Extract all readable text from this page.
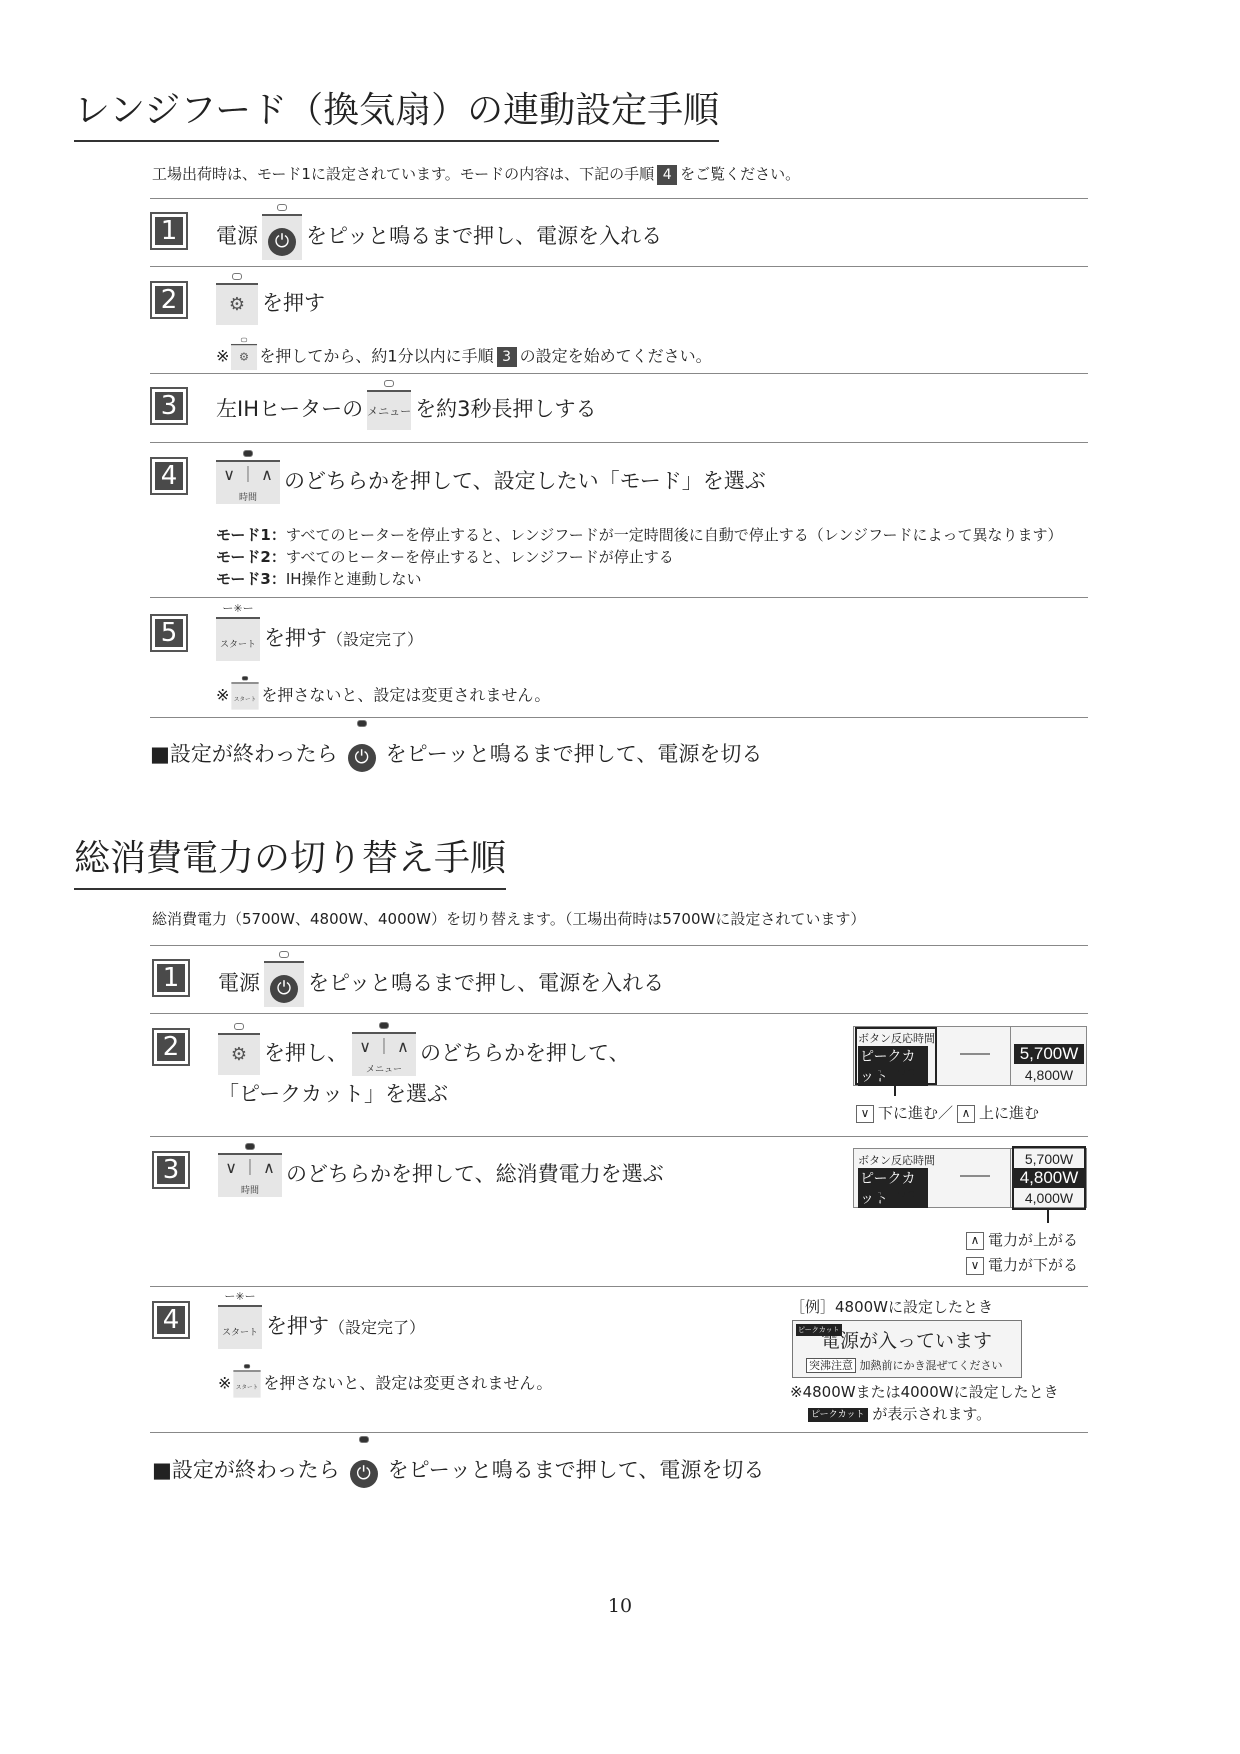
レンジフード（換気扇）の連動設定手順
工場出荷時は、モード1に設定されています。モードの内容は、下記の手順 4 をご覧ください。
1 電源 ⏻ をピッと鳴るまで押し、電源を入れる
2	⚙ を押す
※ ⚙ を押してから、約1分以内に手順 3 の設定を始めてください。
3 左IHヒーターの メニュー を約3秒長押しする
4	∨ ｜ ∧
時間
のどちらかを押して、設定したい「モード」を選ぶ
モード1：すべてのヒーターを停止すると、レンジフードが一定時間後に自動で停止する（レンジフードによって異なります）
モード2：すべてのヒーターを停止すると、レンジフードが停止する
モード3：IH操作と連動しない
5
ー✳ー
スタート を押す（設定完了）
※ スタート を押さないと、設定は変更されません。
■設定が終わったら ⏻ をピーッと鳴るまで押して、電源を切る
総消費電力の切り替え手順
総消費電力（5700W、4800W、4000W）を切り替えます。（工場出荷時は5700Wに設定されています）
1 電源 ⏻ をピッと鳴るまで押し、電源を入れる
2	⚙ を押し、 ∨ ｜ ∧
メニュー
のどちらかを押して、
「ピークカット」を選ぶ
ボタン反応時間
ピークカット
HEMS
――	5,700W
4,800W
∨ 下に進む／ ∧ 上に進む
3	∨ ｜ ∧
時間
のどちらかを押して、総消費電力を選ぶ
ボタン反応時間
ピークカット
HEMS
――
5,700W
4,800W
4,000W
∧ 電力が上がる
∨ 電力が下がる
4
ー✳ー
スタート を押す（設定完了）
※ スタート を押さないと、設定は変更されません。
［例］4800Wに設定したとき
ピークカット
電源が入っています
突沸注意 加熱前にかき混ぜてください
※4800Wまたは4000Wに設定したとき
ピークカット が表示されます。
■設定が終わったら ⏻ をピーッと鳴るまで押して、電源を切る
10
